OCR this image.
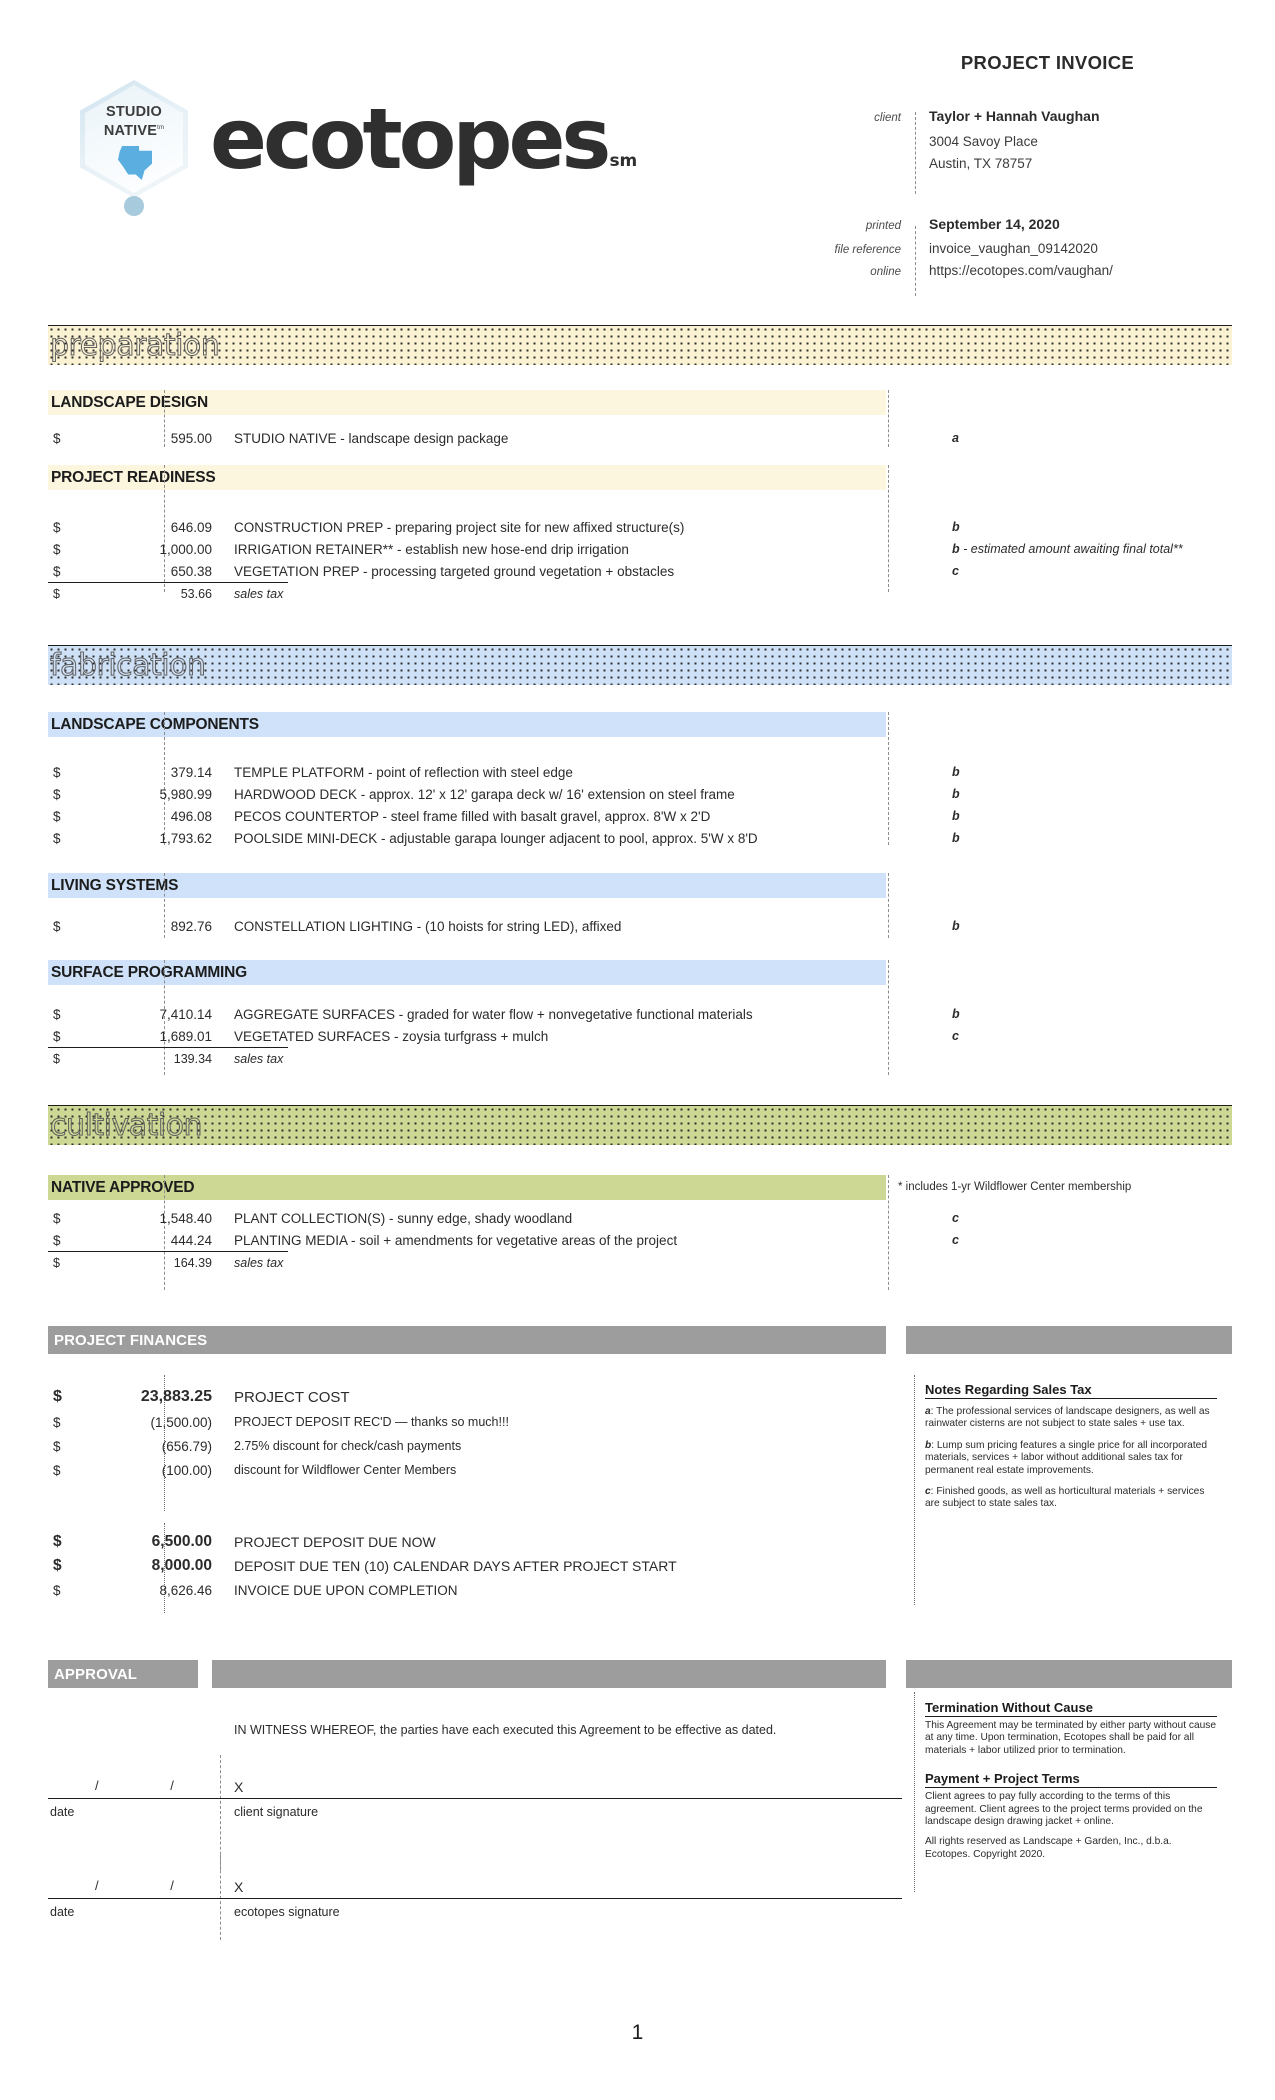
STUDIO
$NATIVE^{tm}$ ecotopes sm
PROJECT INVOICE
client	Taylor + Hannah Vaughan
3004 Savoy Place
Austin, TX 78757
printed	September 14, 2020
file reference	invoice_vaughan_09142020
online	https://ecotopes.com/vaughan/
preparation
LANDSCAPE DESIGN
$	595.00	STUDIO NATIVE - landscape design package	a
PROJECT READINESS
$	646.09	CONSTRUCTION PREP - preparing project site for new affixed structure(s)	b
$	1,000.00	IRRIGATION RETAINER** - establish new hose-end drip irrigation	b - estimated amount awaiting final total**
$	650.38	VEGETATION PREP - processing targeted ground vegetation + obstacles	c
$	53.66	sales tax
fabrication
LANDSCAPE COMPONENTS
$	379.14	TEMPLE PLATFORM - point of reflection with steel edge	b
$	5,980.99	HARDWOOD DECK - approx. 12' x 12' garapa deck w/ 16' extension on steel frame	b
$	496.08	PECOS COUNTERTOP - steel frame filled with basalt gravel, approx. 8'W x 2'D	b
$	1,793.62	POOLSIDE MINI-DECK - adjustable garapa lounger adjacent to pool, approx. 5'W x 8'D	b
LIVING SYSTEMS
$	892.76	CONSTELLATION LIGHTING - (10 hoists for string LED), affixed	b
SURFACE PROGRAMMING
$	7,410.14	AGGREGATE SURFACES - graded for water flow + nonvegetative functional materials	b
$	1,689.01	VEGETATED SURFACES - zoysia turfgrass + mulch	c
$	139.34	sales tax
cultivation
NATIVE APPROVED	* includes 1-yr Wildflower Center membership
$	1,548.40	PLANT COLLECTION(S) - sunny edge, shady woodland	c
$	444.24	PLANTING MEDIA - soil + amendments for vegetative areas of the project	c
$	164.39	sales tax
PROJECT FINANCES
$	23,883.25	PROJECT COST
$	(1,500.00)	PROJECT DEPOSIT REC'D — thanks so much!!!
$	(656.79)	2.75% discount for check/cash payments
$	(100.00)	discount for Wildflower Center Members
$	6,500.00	PROJECT DEPOSIT DUE NOW
$	8,000.00	DEPOSIT DUE TEN (10) CALENDAR DAYS AFTER PROJECT START
$	8,626.46	INVOICE DUE UPON COMPLETION
Notes Regarding Sales Tax
a: The professional services of landscape designers, as well as rainwater cisterns are not subject to state sales + use tax.
b: Lump sum pricing features a single price for all incorporated materials, services + labor without additional sales tax for permanent real estate improvements.
c: Finished goods, as well as horticultural materials + services are subject to state sales tax.
APPROVAL
IN WITNESS WHEREOF, the parties have each executed this Agreement to be effective as dated.
/ /
date
X
client signature
/ /
date
X
ecotopes signature
Termination Without Cause
This Agreement may be terminated by either party without cause at any time. Upon termination, Ecotopes shall be paid for all materials + labor utilized prior to termination.
Payment + Project Terms
Client agrees to pay fully according to the terms of this agreement. Client agrees to the project terms provided on the landscape design drawing jacket + online.
All rights reserved as Landscape + Garden, Inc., d.b.a. Ecotopes. Copyright 2020.
1
